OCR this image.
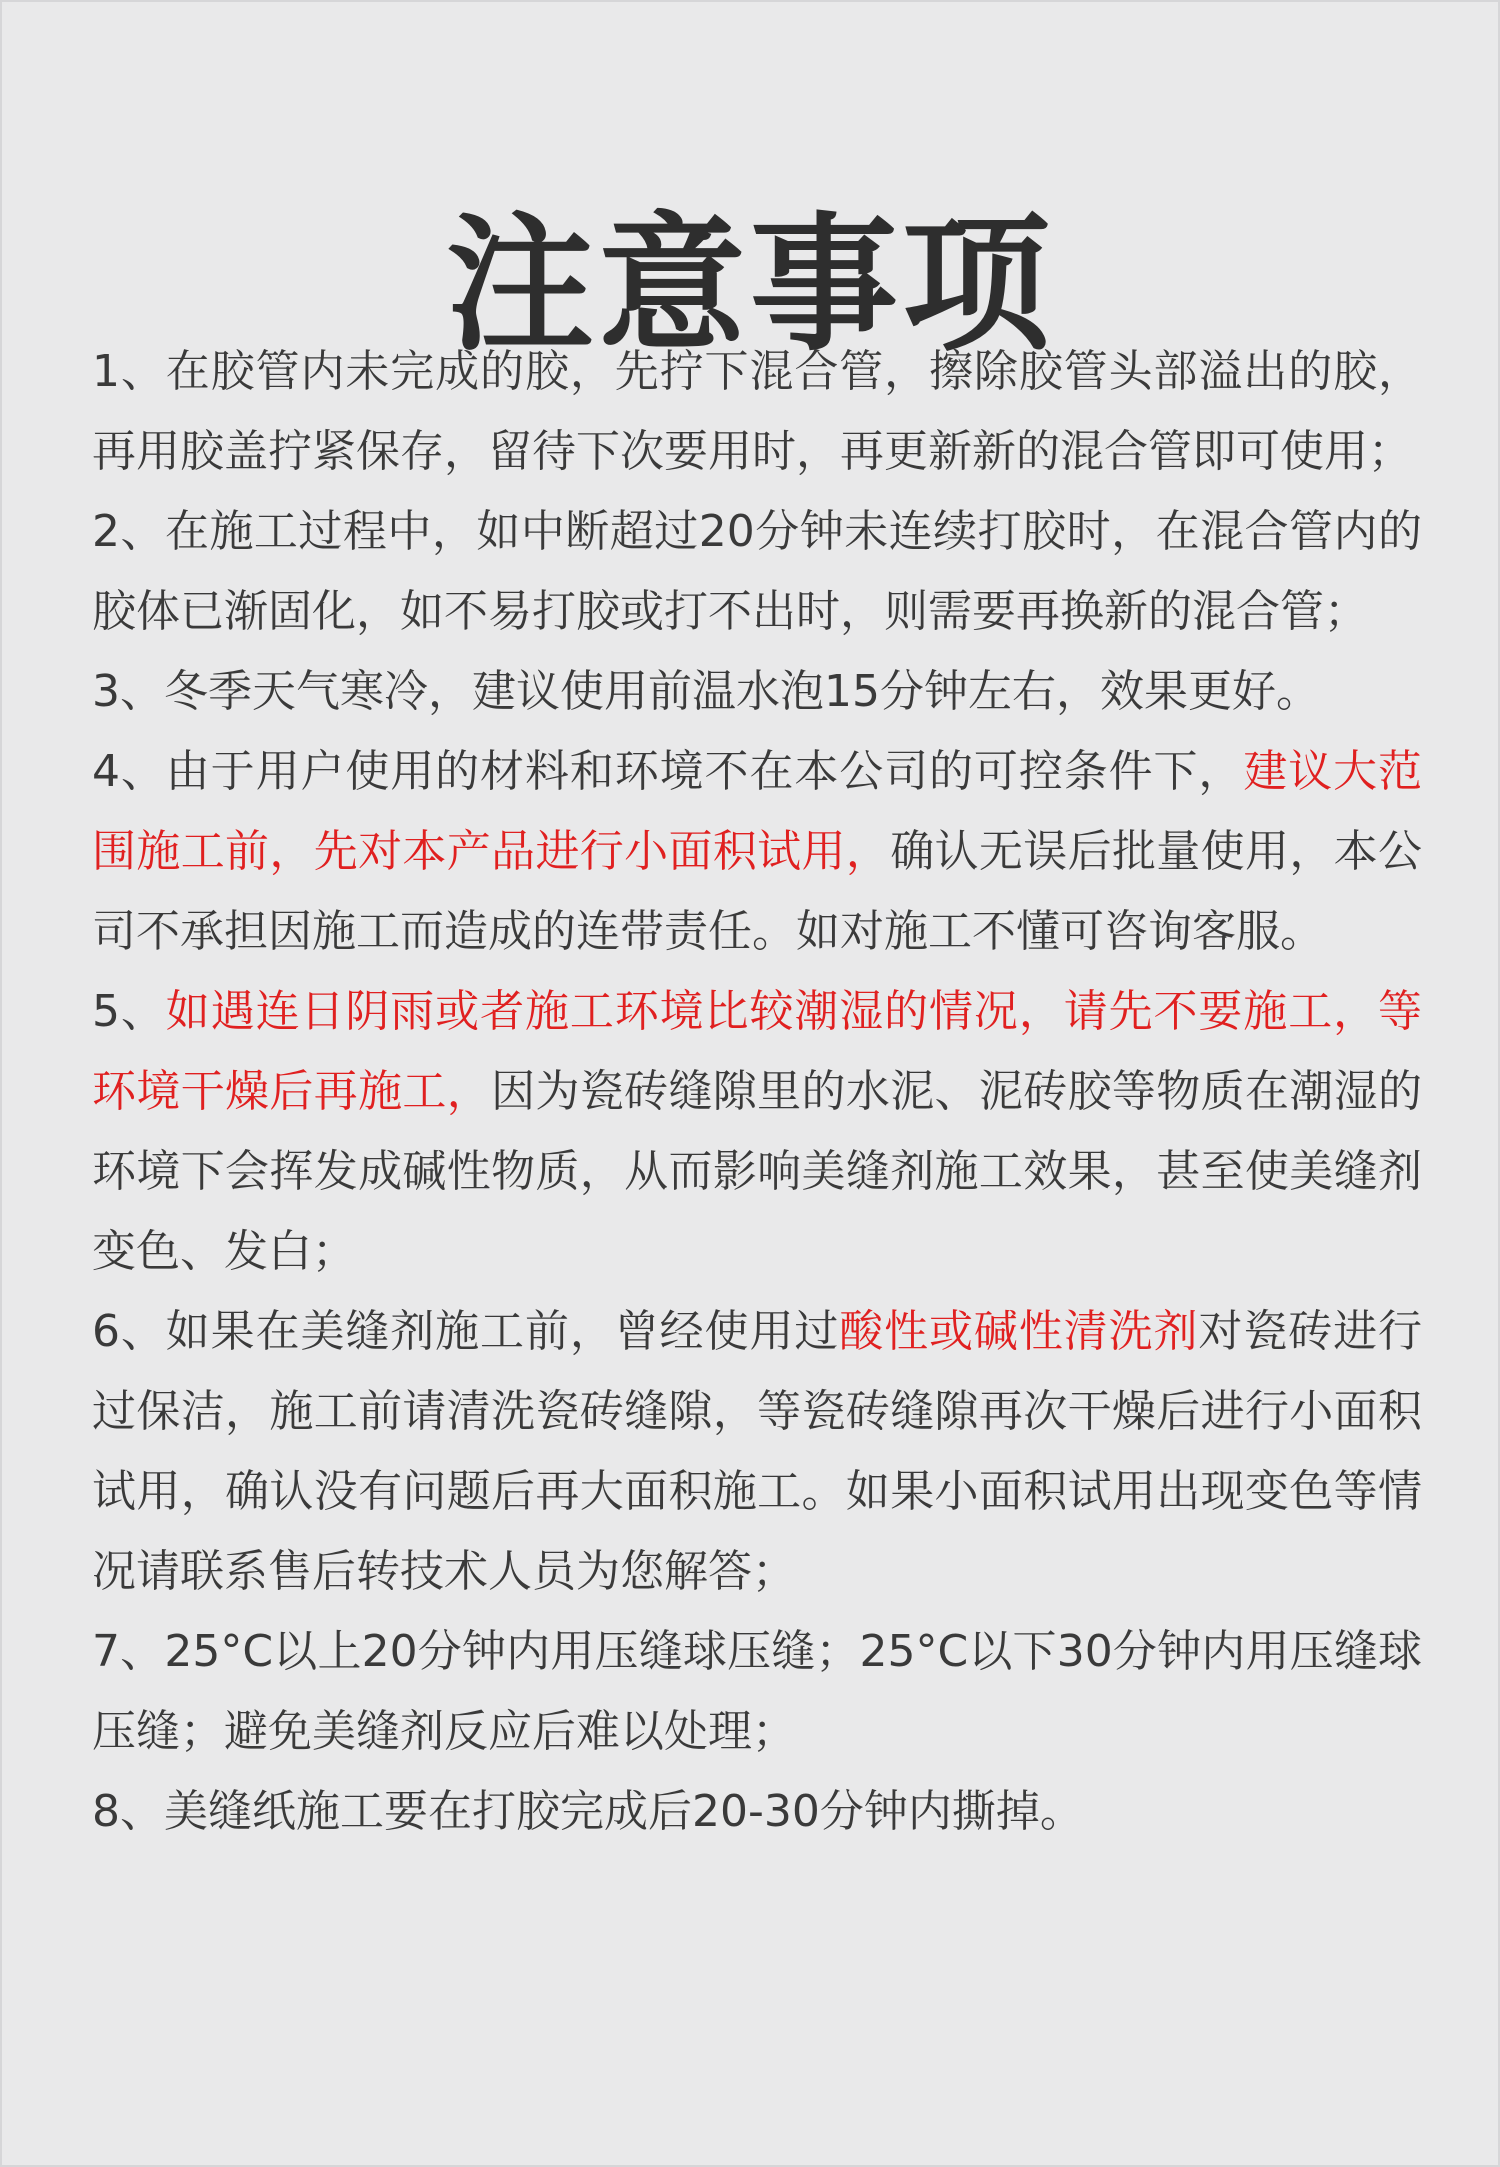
注意事项
1、在胶管内未完成的胶，先拧下混合管，擦除胶管头部溢出的胶，再用胶盖拧紧保存，留待下次要用时，再更新新的混合管即可使用；
2、在施工过程中，如中断超过20分钟未连续打胶时，在混合管内的胶体已渐固化，如不易打胶或打不出时，则需要再换新的混合管；
3、冬季天气寒冷，建议使用前温水泡15分钟左右，效果更好。
4、由于用户使用的材料和环境不在本公司的可控条件下，建议大范围施工前，先对本产品进行小面积试用，确认无误后批量使用，本公司不承担因施工而造成的连带责任。如对施工不懂可咨询客服。
5、如遇连日阴雨或者施工环境比较潮湿的情况，请先不要施工，等环境干燥后再施工，因为瓷砖缝隙里的水泥、泥砖胶等物质在潮湿的环境下会挥发成碱性物质，从而影响美缝剂施工效果，甚至使美缝剂变色、发白；
6、如果在美缝剂施工前，曾经使用过酸性或碱性清洗剂对瓷砖进行过保洁，施工前请清洗瓷砖缝隙，等瓷砖缝隙再次干燥后进行小面积试用，确认没有问题后再大面积施工。如果小面积试用出现变色等情况请联系售后转技术人员为您解答；
7、25°C以上20分钟内用压缝球压缝；25°C以下30分钟内用压缝球压缝；避免美缝剂反应后难以处理；
8、美缝纸施工要在打胶完成后20-30分钟内撕掉。
